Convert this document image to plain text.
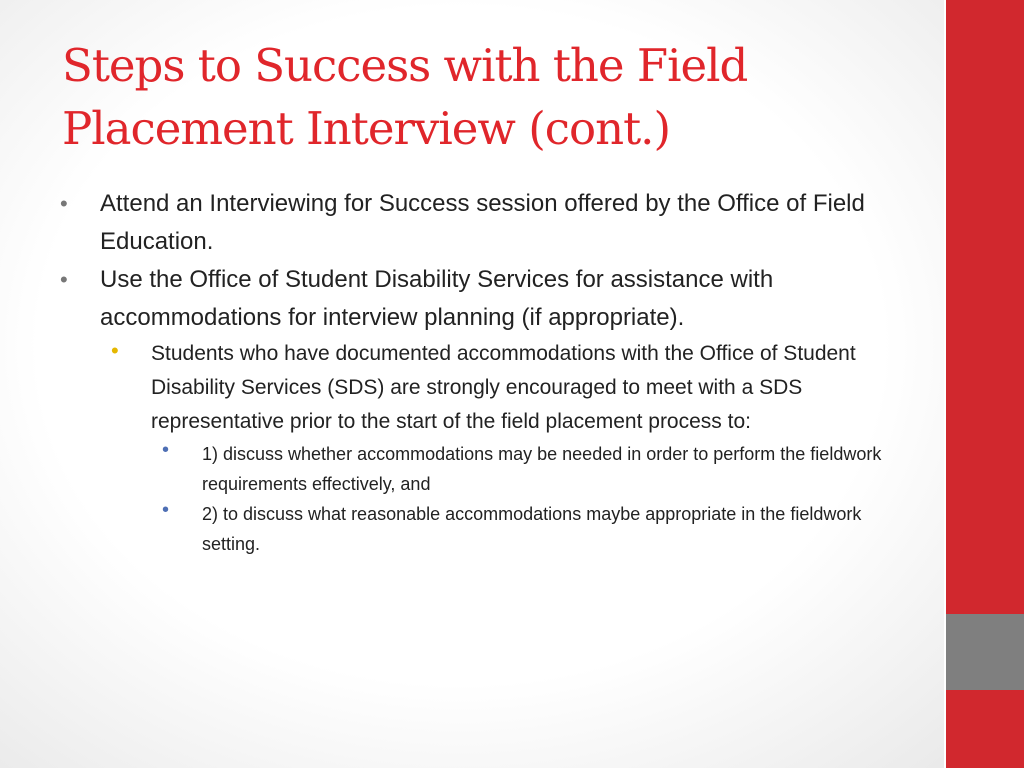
Steps to Success with the Field Placement Interview (cont.)
• Attend an Interviewing for Success session offered by the Office of Field Education.
• Use the Office of Student Disability Services for assistance with accommodations for interview planning (if appropriate).
• Students who have documented accommodations with the Office of Student Disability Services (SDS) are strongly encouraged to meet with a SDS representative prior to the start of the field placement process to:
• 1) discuss whether accommodations may be needed in order to perform the fieldwork requirements effectively, and
• 2) to discuss what reasonable accommodations maybe appropriate in the fieldwork setting.
